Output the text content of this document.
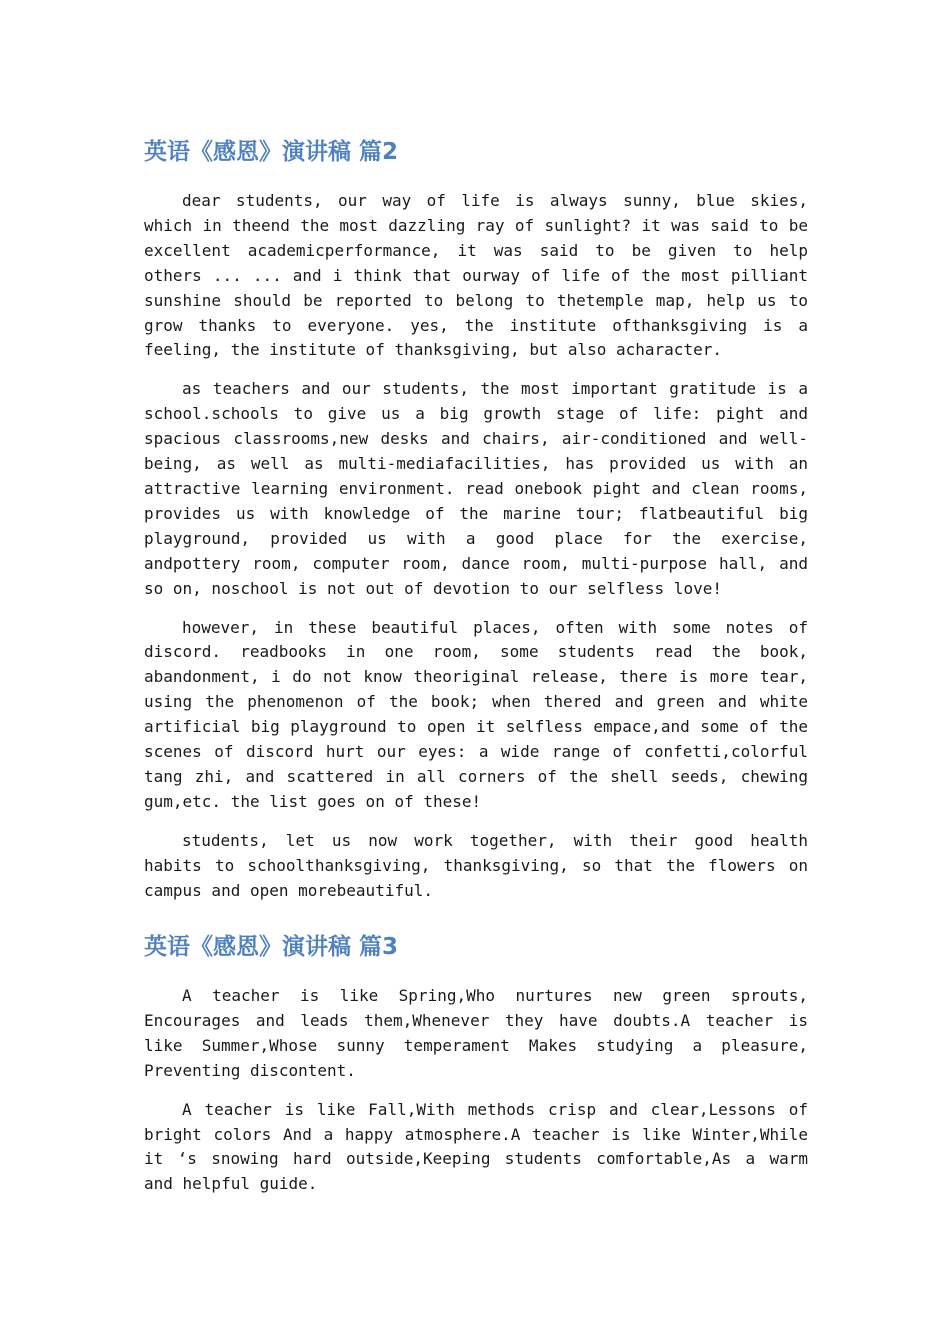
英语《感恩》演讲稿 篇2

dear students, our way of life is always sunny, blue skies, which in theend the most dazzling ray of sunlight? it was said to be excellent academicperformance, it was said to be given to help others ... ... and i think that ourway of life of the most pilliant sunshine should be reported to belong to thetemple map, help us to grow thanks to everyone. yes, the institute ofthanksgiving is a feeling, the institute of thanksgiving, but also acharacter.

as teachers and our students, the most important gratitude is a school.schools to give us a big growth stage of life: pight and spacious classrooms,new desks and chairs, air-conditioned and well-being, as well as multi-mediafacilities, has provided us with an attractive learning environment. read onebook pight and clean rooms, provides us with knowledge of the marine tour; flatbeautiful big playground, provided us with a good place for the exercise, andpottery room, computer room, dance room, multi-purpose hall, and so on, noschool is not out of devotion to our selfless love!

however, in these beautiful places, often with some notes of discord. readbooks in one room, some students read the book, abandonment, i do not know theoriginal release, there is more tear, using the phenomenon of the book; when thered and green and white artificial big playground to open it selfless empace,and some of the scenes of discord hurt our eyes: a wide range of confetti,colorful tang zhi, and scattered in all corners of the shell seeds, chewing gum,etc. the list goes on of these!

students, let us now work together, with their good health habits to schoolthanksgiving, thanksgiving, so that the flowers on campus and open morebeautiful.

英语《感恩》演讲稿 篇3

A teacher is like Spring,Who nurtures new green sprouts, Encourages and leads them,Whenever they have doubts.A teacher is like Summer,Whose sunny temperament Makes studying a pleasure, Preventing discontent.

A teacher is like Fall,With methods crisp and clear,Lessons of bright colors And a happy atmosphere.A teacher is like Winter,While it ‘s snowing hard outside,Keeping students comfortable,As a warm and helpful guide.
